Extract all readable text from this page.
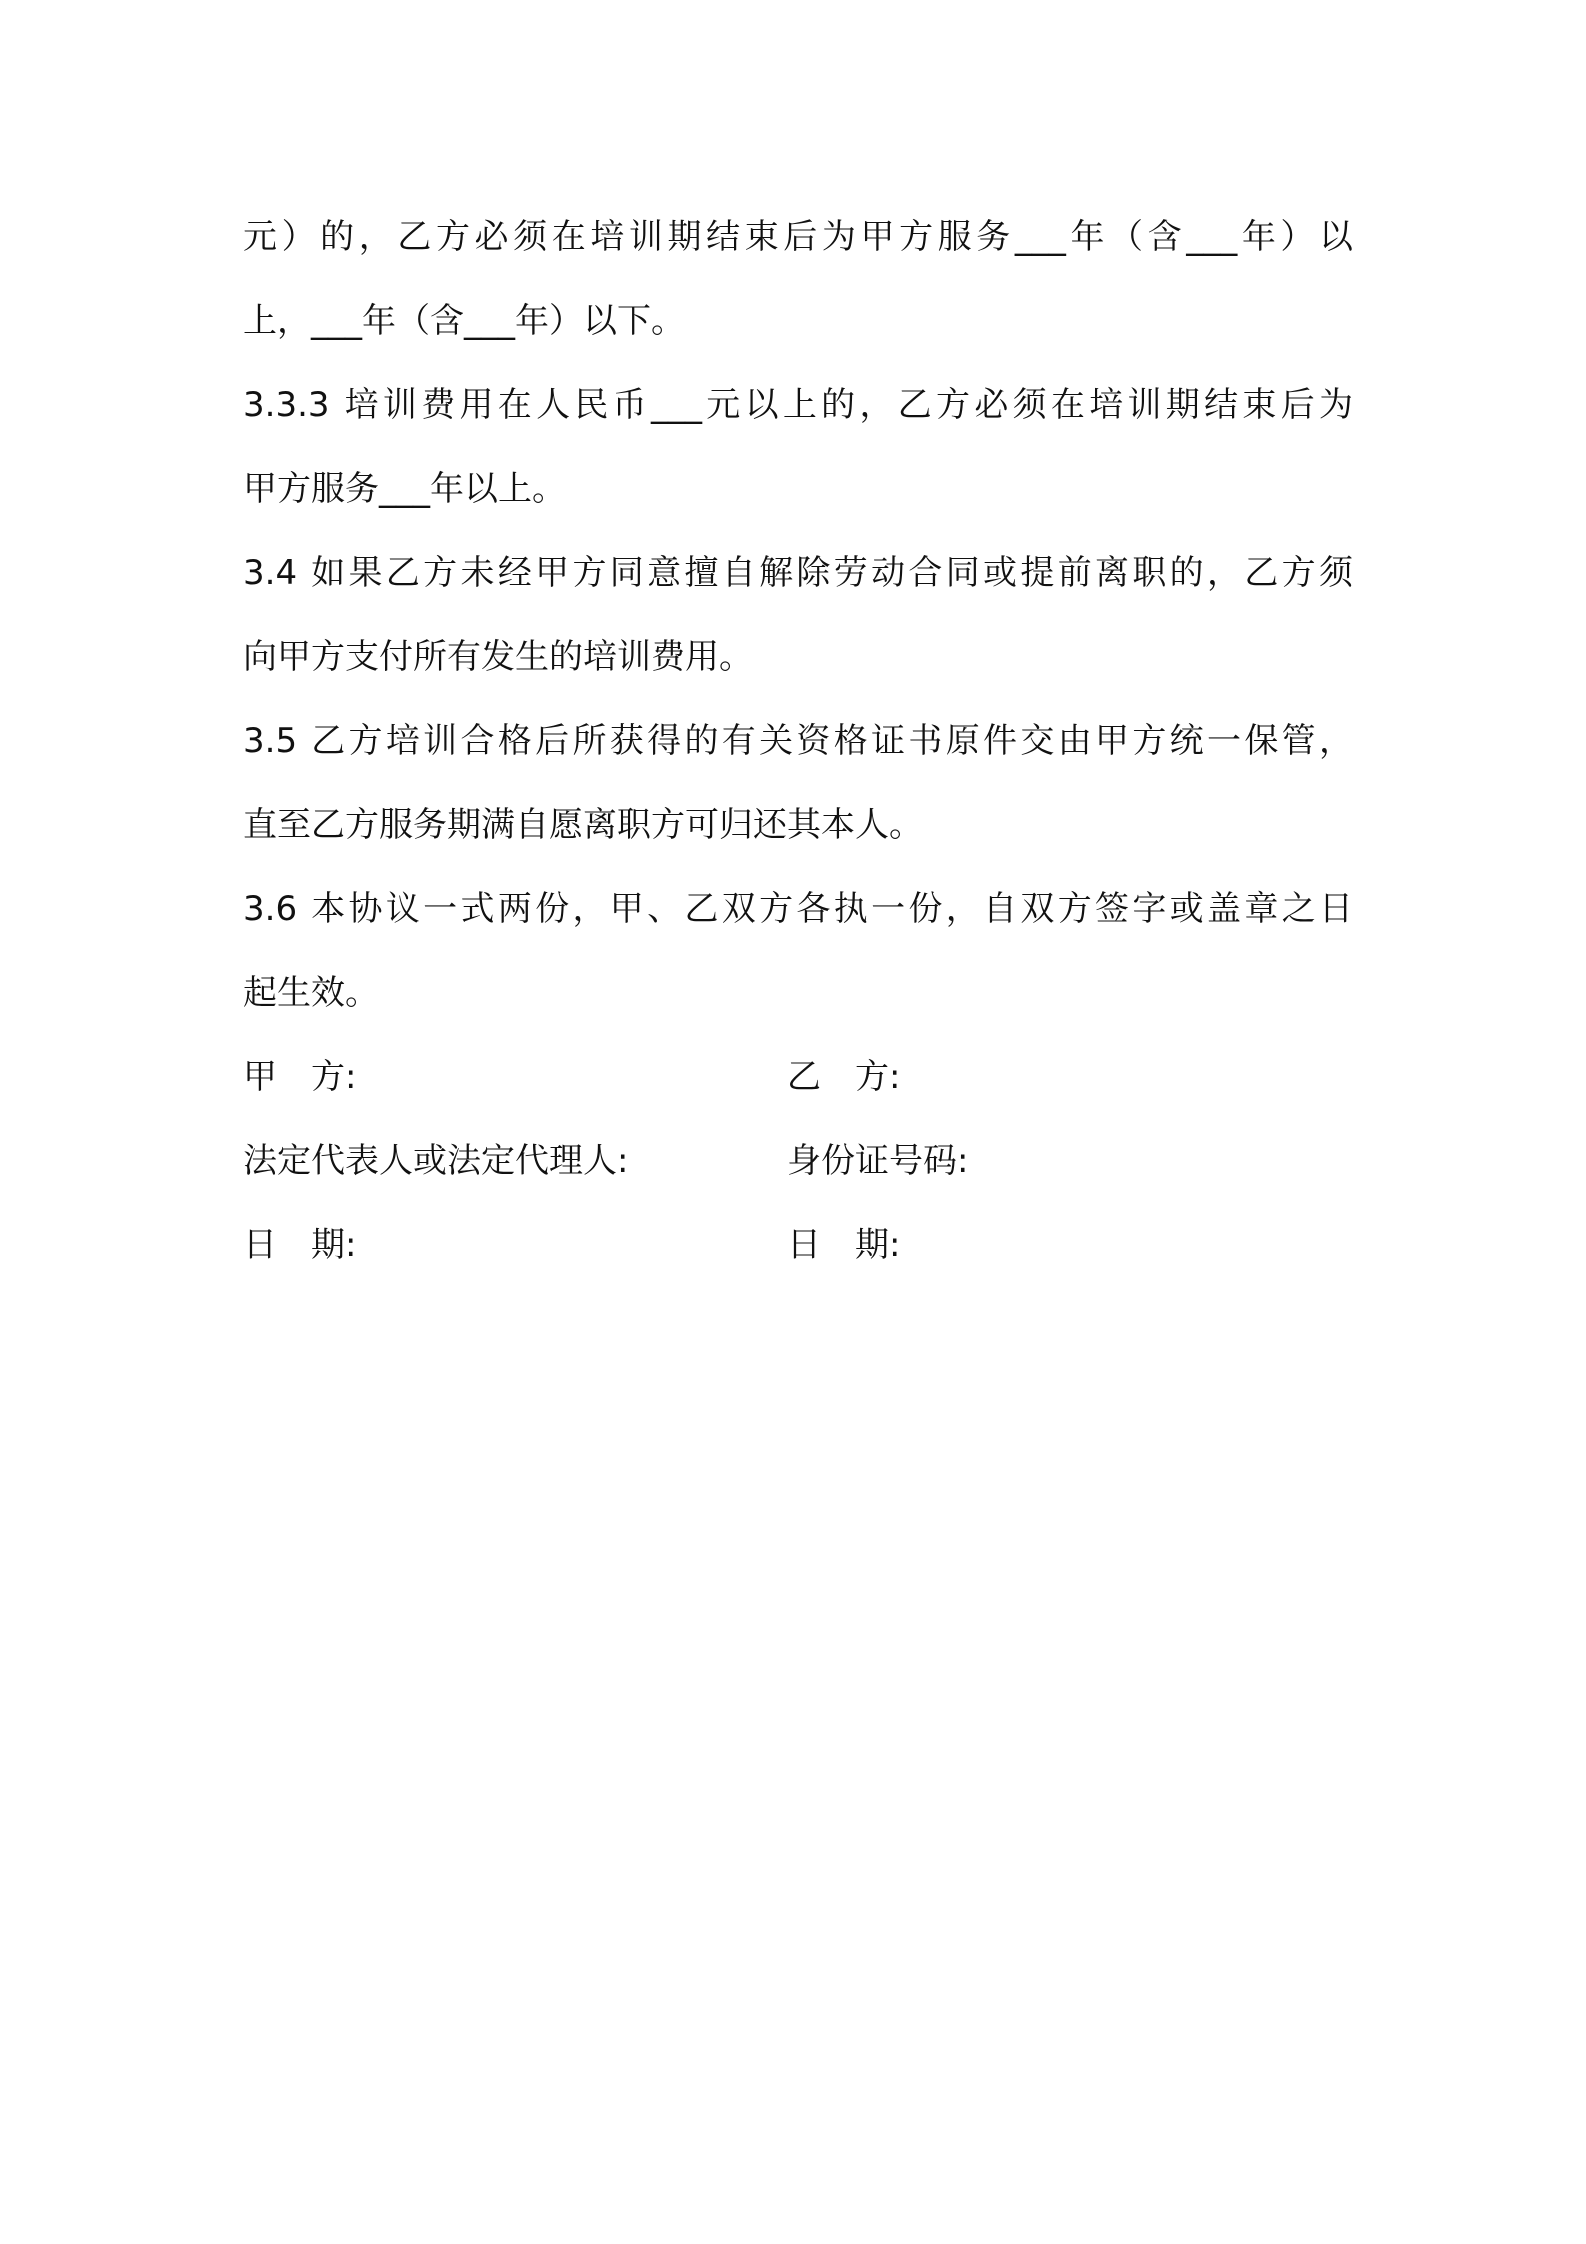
元）的，乙方必须在培训期结束后为甲方服务___年（含___年）以
上，___年（含___年）以下。
3.3.3 培训费用在人民币___元以上的，乙方必须在培训期结束后为
甲方服务___年以上。
3.4 如果乙方未经甲方同意擅自解除劳动合同或提前离职的，乙方须
向甲方支付所有发生的培训费用。
3.5 乙方培训合格后所获得的有关资格证书原件交由甲方统一保管，
直至乙方服务期满自愿离职方可归还其本人。
3.6 本协议一式两份，甲、乙双方各执一份，自双方签字或盖章之日
起生效。
甲　方:	乙　方:
法定代表人或法定代理人:	身份证号码:
日　期:	日　期:
